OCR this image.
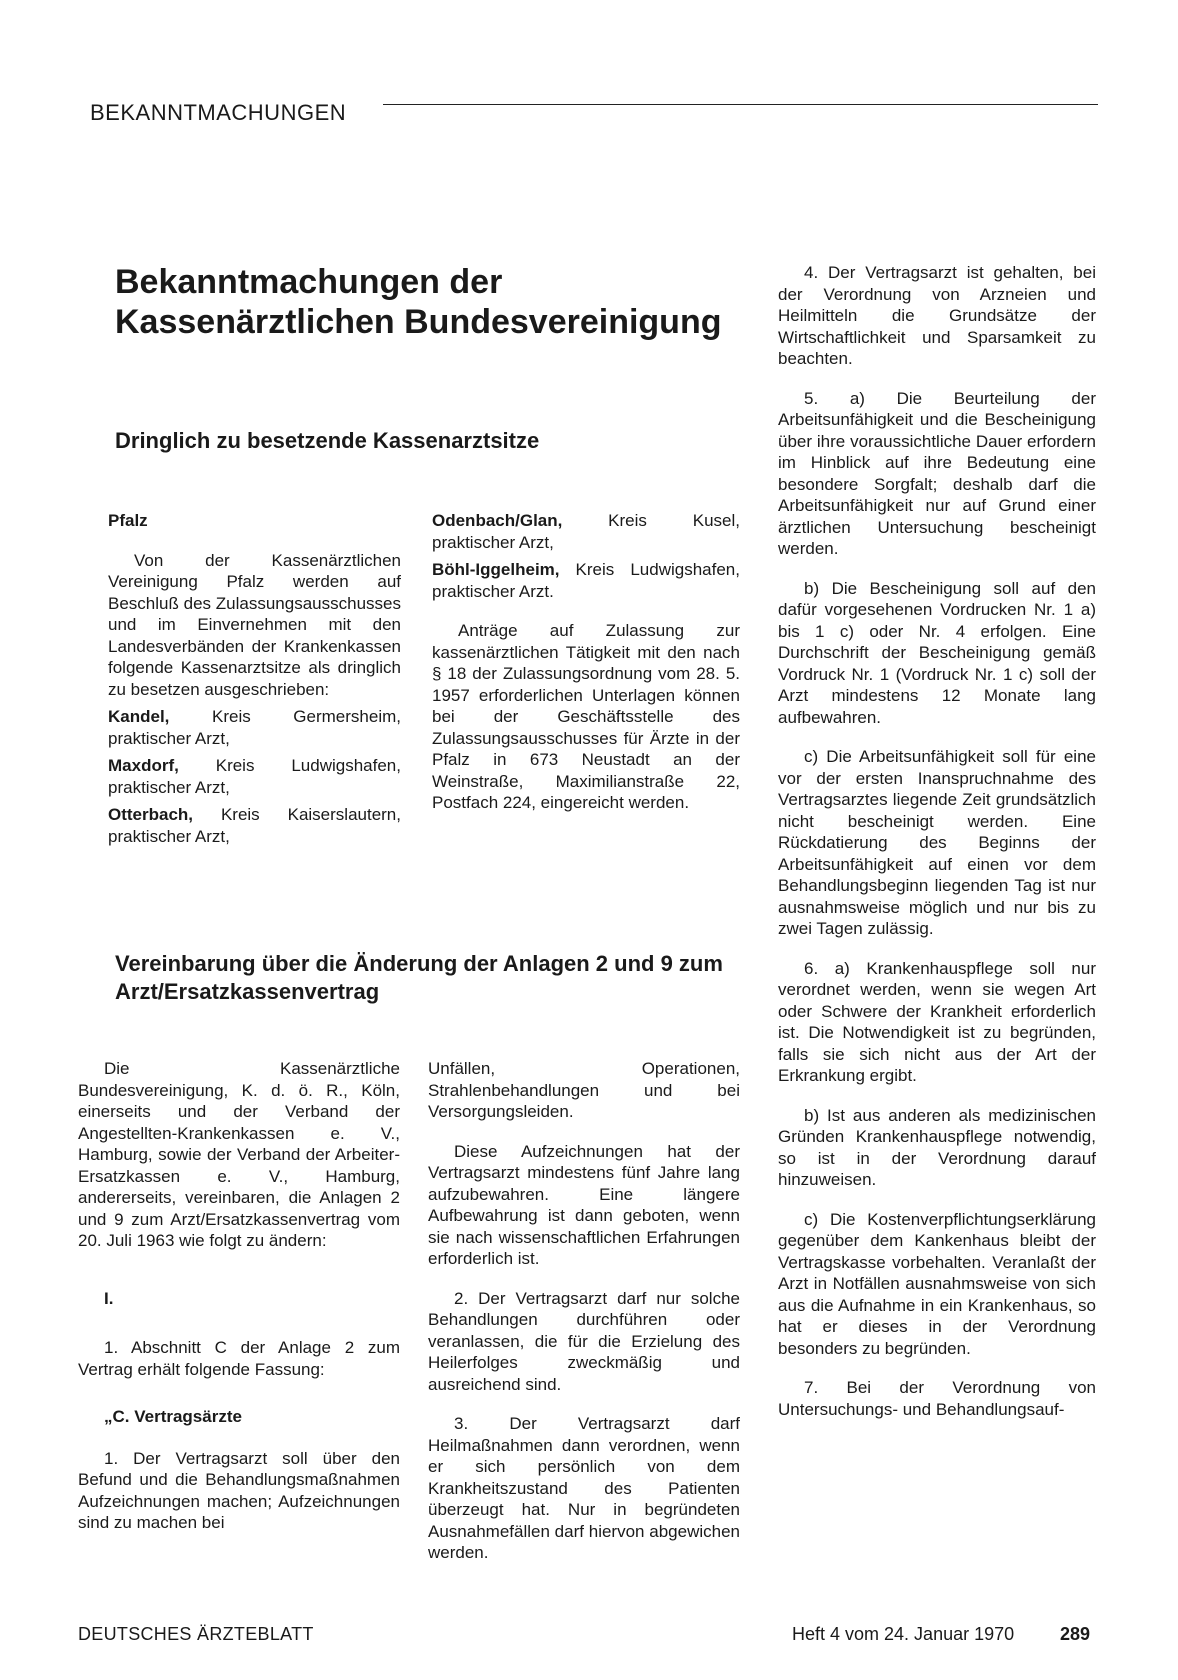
BEKANNTMACHUNGEN
Bekanntmachungen der
Kassenärztlichen Bundesvereinigung
Dringlich zu besetzende Kassenarztsitze

Pfalz

Von der Kassenärztlichen Vereinigung Pfalz werden auf Beschluß des Zulassungsausschusses und im Einvernehmen mit den Landesverbänden der Krankenkassen folgende Kassenarztsitze als dringlich zu besetzen ausgeschrieben:

Kandel, Kreis Germersheim, praktischer Arzt,

Maxdorf, Kreis Ludwigshafen, praktischer Arzt,

Otterbach, Kreis Kaiserslautern, praktischer Arzt,

Odenbach/Glan, Kreis Kusel, praktischer Arzt,

Böhl-Iggelheim, Kreis Ludwigshafen, praktischer Arzt.

Anträge auf Zulassung zur kassenärztlichen Tätigkeit mit den nach § 18 der Zulassungsordnung vom 28. 5. 1957 erforderlichen Unterlagen können bei der Geschäftsstelle des Zulassungsausschusses für Ärzte in der Pfalz in 673 Neustadt an der Weinstraße, Maximilianstraße 22, Postfach 224, eingereicht werden.

Vereinbarung über die Änderung der Anlagen 2 und 9 zum Arzt/Ersatzkassenvertrag

Die Kassenärztliche Bundesvereinigung, K. d. ö. R., Köln, einerseits und der Verband der Angestellten-Krankenkassen e. V., Hamburg, sowie der Verband der Arbeiter-Ersatzkassen e. V., Hamburg, andererseits, vereinbaren, die Anlagen 2 und 9 zum Arzt/Ersatzkassenvertrag vom 20. Juli 1963 wie folgt zu ändern:

I.

1. Abschnitt C der Anlage 2 zum Vertrag erhält folgende Fassung:

„C. Vertragsärzte

1. Der Vertragsarzt soll über den Befund und die Behandlungsmaßnahmen Aufzeichnungen machen; Aufzeichnungen sind zu machen bei

Unfällen, Operationen, Strahlenbehandlungen und bei Versorgungsleiden.

Diese Aufzeichnungen hat der Vertragsarzt mindestens fünf Jahre lang aufzubewahren. Eine längere Aufbewahrung ist dann geboten, wenn sie nach wissenschaftlichen Erfahrungen erforderlich ist.

2. Der Vertragsarzt darf nur solche Behandlungen durchführen oder veranlassen, die für die Erzielung des Heilerfolges zweckmäßig und ausreichend sind.

3. Der Vertragsarzt darf Heilmaßnahmen dann verordnen, wenn er sich persönlich von dem Krankheitszustand des Patienten überzeugt hat. Nur in begründeten Ausnahmefällen darf hiervon abgewichen werden.

4. Der Vertragsarzt ist gehalten, bei der Verordnung von Arzneien und Heilmitteln die Grundsätze der Wirtschaftlichkeit und Sparsamkeit zu beachten.

5. a) Die Beurteilung der Arbeitsunfähigkeit und die Bescheinigung über ihre voraussichtliche Dauer erfordern im Hinblick auf ihre Bedeutung eine besondere Sorgfalt; deshalb darf die Arbeitsunfähigkeit nur auf Grund einer ärztlichen Untersuchung bescheinigt werden.

b) Die Bescheinigung soll auf den dafür vorgesehenen Vordrucken Nr. 1 a) bis 1 c) oder Nr. 4 erfolgen. Eine Durchschrift der Bescheinigung gemäß Vordruck Nr. 1 (Vordruck Nr. 1 c) soll der Arzt mindestens 12 Monate lang aufbewahren.

c) Die Arbeitsunfähigkeit soll für eine vor der ersten Inanspruchnahme des Vertragsarztes liegende Zeit grundsätzlich nicht bescheinigt werden. Eine Rückdatierung des Beginns der Arbeitsunfähigkeit auf einen vor dem Behandlungsbeginn liegenden Tag ist nur ausnahmsweise möglich und nur bis zu zwei Tagen zulässig.

6. a) Krankenhauspflege soll nur verordnet werden, wenn sie wegen Art oder Schwere der Krankheit erforderlich ist. Die Notwendigkeit ist zu begründen, falls sie sich nicht aus der Art der Erkrankung ergibt.

b) Ist aus anderen als medizinischen Gründen Krankenhauspflege notwendig, so ist in der Verordnung darauf hinzuweisen.

c) Die Kostenverpflichtungserklärung gegenüber dem Kankenhaus bleibt der Vertragskasse vorbehalten. Veranlaßt der Arzt in Notfällen ausnahmsweise von sich aus die Aufnahme in ein Krankenhaus, so hat er dieses in der Verordnung besonders zu begründen.

7. Bei der Verordnung von Untersuchungs- und Behandlungsauf-

DEUTSCHES ÄRZTEBLATT	Heft 4 vom 24. Januar 1970	289
